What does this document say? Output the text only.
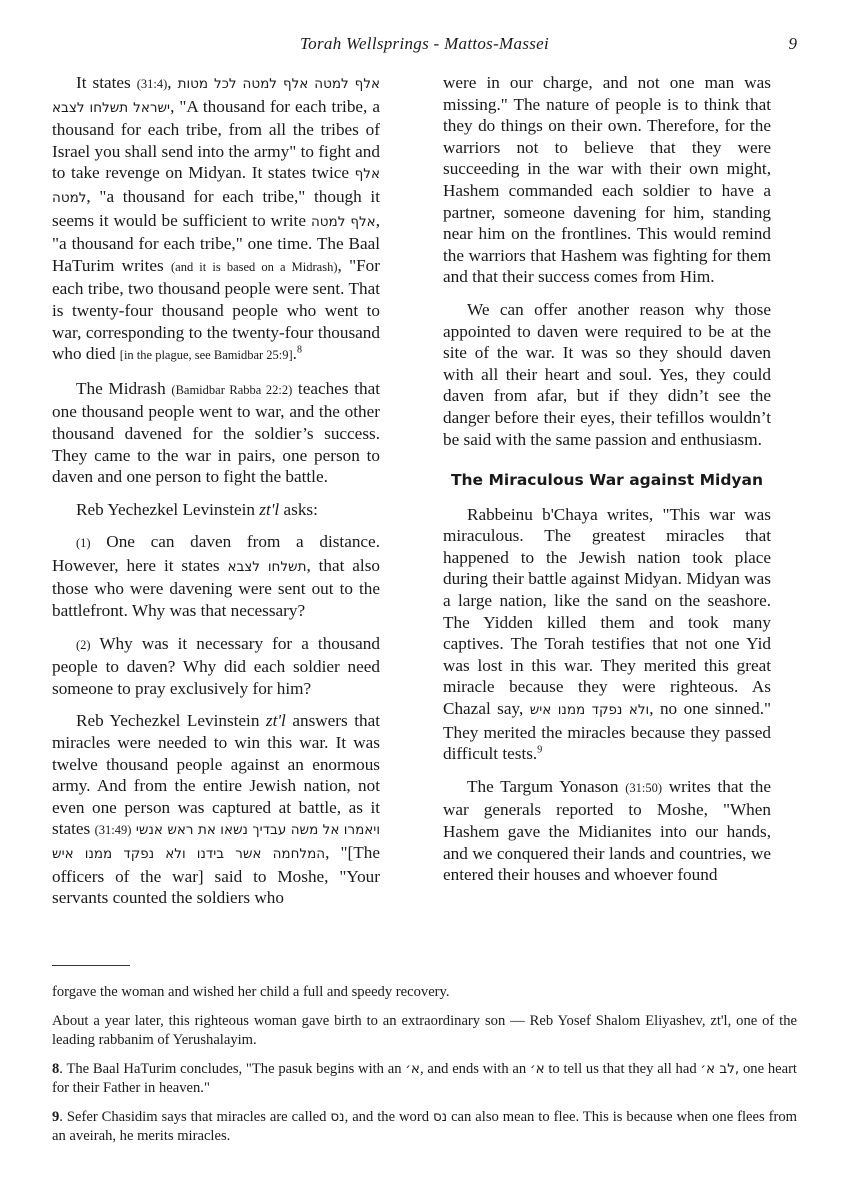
Torah Wellsprings - Mattos-Massei	9

It states (31:4), אלף למטה אלף למטה לכל מטות ישראל תשלחו לצבא, "A thousand for each tribe, a thousand for each tribe, from all the tribes of Israel you shall send into the army" to fight and to take revenge on Midyan. It states twice אלף למטה, "a thousand for each tribe," though it seems it would be sufficient to write אלף למטה, "a thousand for each tribe," one time. The Baal HaTurim writes (and it is based on a Midrash), "For each tribe, two thousand people were sent. That is twenty-four thousand people who went to war, corresponding to the twenty-four thousand who died [in the plague, see Bamidbar 25:9].$^8$

The Midrash (Bamidbar Rabba 22:2) teaches that one thousand people went to war, and the other thousand davened for the soldier’s success. They came to the war in pairs, one person to daven and one person to fight the battle.

Reb Yechezkel Levinstein zt'l asks:

(1) One can daven from a distance. However, here it states תשלחו לצבא, that also those who were davening were sent out to the battlefront. Why was that necessary?

(2) Why was it necessary for a thousand people to daven? Why did each soldier need someone to pray exclusively for him?

Reb Yechezkel Levinstein zt'l answers that miracles were needed to win this war. It was twelve thousand people against an enormous army. And from the entire Jewish nation, not even one person was captured at battle, as it states (31:49) ויאמרו אל משה עבדיך נשאו את ראש אנשי המלחמה אשר בידנו ולא נפקד ממנו איש, "[The officers of the war] said to Moshe, "Your servants counted the soldiers who

were in our charge, and not one man was missing." The nature of people is to think that they do things on their own. Therefore, for the warriors not to believe that they were succeeding in the war with their own might, Hashem commanded each soldier to have a partner, someone davening for him, standing near him on the frontlines. This would remind the warriors that Hashem was fighting for them and that their success comes from Him.

We can offer another reason why those appointed to daven were required to be at the site of the war. It was so they should daven with all their heart and soul. Yes, they could daven from afar, but if they didn’t see the danger before their eyes, their tefillos wouldn’t be said with the same passion and enthusiasm.

The Miraculous War against Midyan

Rabbeinu b'Chaya writes, "This war was miraculous. The greatest miracles that happened to the Jewish nation took place during their battle against Midyan. Midyan was a large nation, like the sand on the seashore. The Yidden killed them and took many captives. The Torah testifies that not one Yid was lost in this war. They merited this great miracle because they were righteous. As Chazal say, ולא נפקד ממנו איש, no one sinned." They merited the miracles because they passed difficult tests.$^9$

The Targum Yonason (31:50) writes that the war generals reported to Moshe, "When Hashem gave the Midianites into our hands, and we conquered their lands and countries, we entered their houses and whoever found

forgave the woman and wished her child a full and speedy recovery.

About a year later, this righteous woman gave birth to an extraordinary son — Reb Yosef Shalom Eliyashev, zt'l, one of the leading rabbanim of Yerushalayim.

8. The Baal HaTurim concludes, "The pasuk begins with an א׳, and ends with an א׳ to tell us that they all had לב א׳, one heart for their Father in heaven."

9. Sefer Chasidim says that miracles are called נס, and the word נס can also mean to flee. This is because when one flees from an aveirah, he merits miracles.
